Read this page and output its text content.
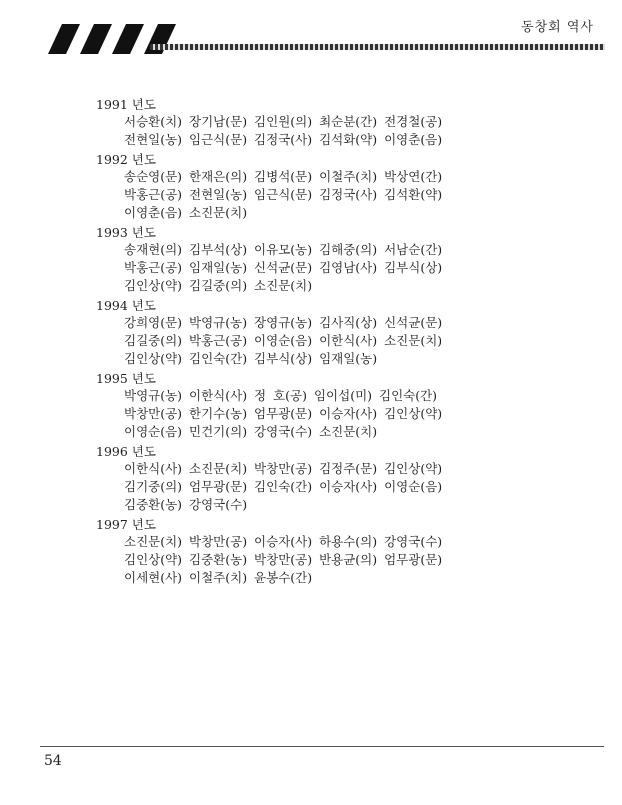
동창회 역사
1991 년도
서승환(치) 장기남(문) 김인원(의) 최순분(간) 전경철(공)
전현일(농) 임근식(문) 김정국(사) 김석화(약) 이영춘(음)
1992 년도
송순영(문) 한재은(의) 김병석(문) 이철주(치) 박상연(간)
박홍근(공) 전현일(농) 임근식(문) 김정국(사) 김석환(약)
이영춘(음) 소진문(치)
1993 년도
송재현(의) 김부석(상) 이유모(농) 김해중(의) 서남순(간)
박홍근(공) 임재일(농) 신석균(문) 김영남(사) 김부식(상)
김인상(약) 김길중(의) 소진문(치)
1994 년도
강희영(문) 박영규(농) 장영규(농) 김사직(상) 신석균(문)
김길중(의) 박홍근(공) 이영순(음) 이한식(사) 소진문(치)
김인상(약) 김인숙(간) 김부식(상) 임재일(농)
1995 년도
박영규(농) 이한식(사) 정 호(공) 임이섭(미) 김인숙(간)
박창만(공) 한기수(농) 엄무광(문) 이승자(사) 김인상(약)
이영순(음) 민건기(의) 강영국(수) 소진문(치)
1996 년도
이한식(사) 소진문(치) 박창만(공) 김정주(문) 김인상(약)
김기중(의) 엄무광(문) 김인숙(간) 이승자(사) 이영순(음)
김중환(농) 강영국(수)
1997 년도
소진문(치) 박창만(공) 이승자(사) 하용수(의) 강영국(수)
김인상(약) 김중환(농) 박창만(공) 반용균(의) 엄무광(문)
이세현(사) 이철주(치) 윤봉수(간)
54
